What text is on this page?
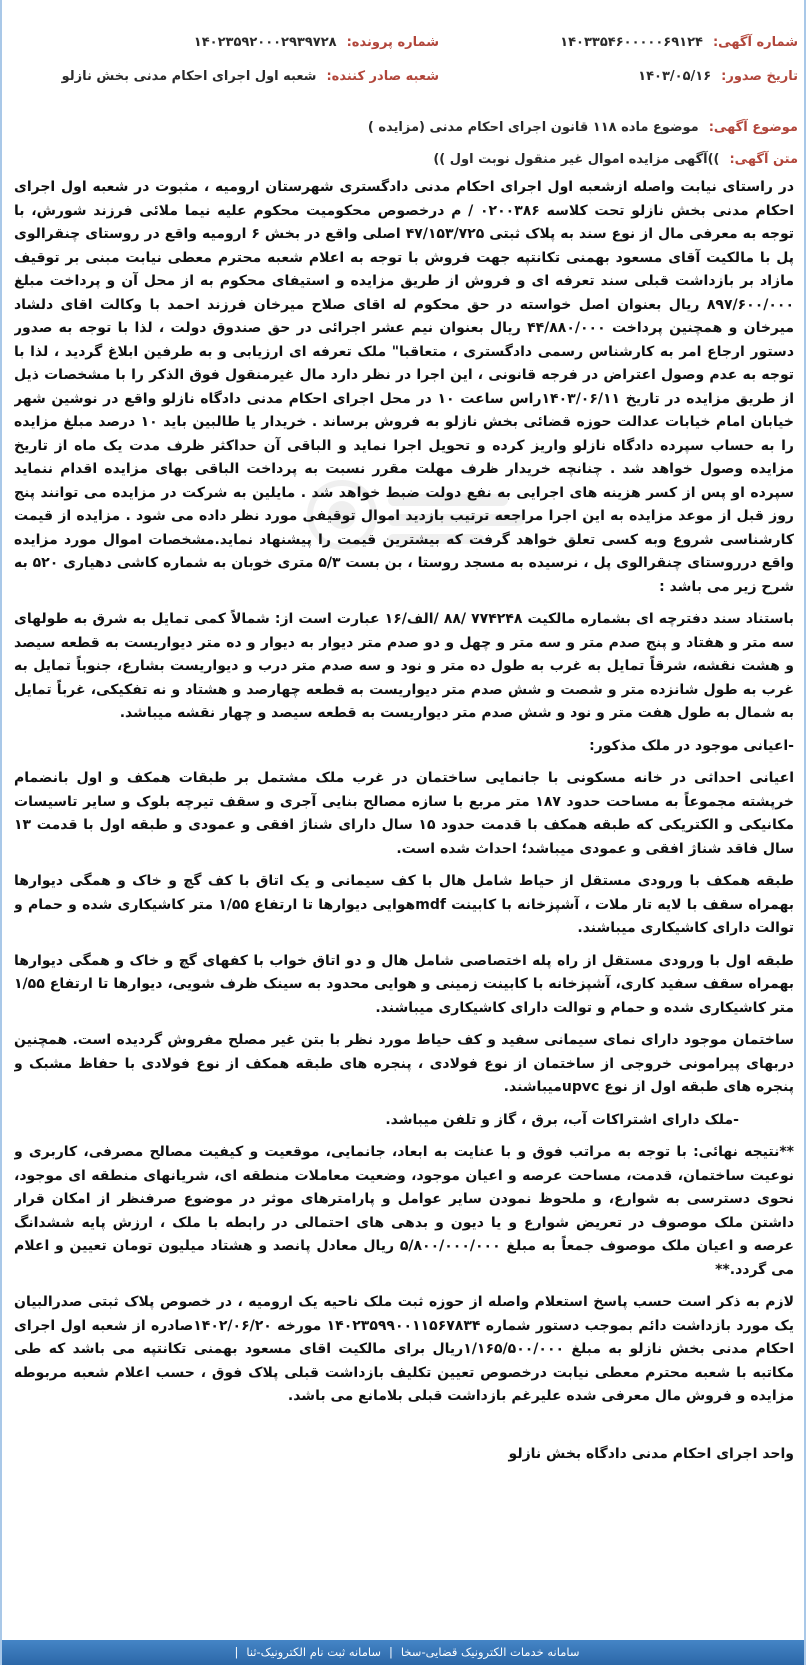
شماره آگهی:۱۴۰۳۳۵۴۶۰۰۰۰۰۶۹۱۲۴
شماره پرونده:۱۴۰۲۳۵۹۲۰۰۰۲۹۳۹۷۲۸
تاریخ صدور:۱۴۰۳/۰۵/۱۶
شعبه صادر کننده:شعبه اول اجرای احکام مدنی بخش نازلو
موضوع آگهی:موضوع ماده ۱۱۸ قانون اجرای احکام مدنی (مزایده )
متن آگهی:))آگهی مزایده اموال غیر منقول نوبت اول ))

در راستای نیابت واصله ازشعبه اول اجرای احکام مدنی دادگستری شهرستان ارومیه ، مثبوت در شعبه اول اجرای احکام مدنی بخش نازلو تحت کلاسه ۰۲۰۰۳۸۶ / م درخصوص محکومیت محکوم علیه نیما ملائی فرزند شورش، با توجه به معرفی مال از نوع سند به پلاک ثبتی ۴۷/۱۵۳/۷۲۵ اصلی واقع در بخش ۶ ارومیه واقع در روستای چنقرالوی پل با مالکیت آقای مسعود بهمنی تکانتپه جهت فروش با توجه به اعلام شعبه محترم معطی نیابت مبنی بر توقیف مازاد بر بازداشت قبلی سند تعرفه ای و فروش از طریق مزایده و استیفای محکوم به از محل آن و پرداخت مبلغ ۸۹۷/۶۰۰/۰۰۰ ریال بعنوان اصل خواسته در حق محکوم له اقای صلاح میرخان فرزند احمد با وکالت اقای دلشاد میرخان و همچنین پرداخت ۴۴/۸۸۰/۰۰۰ ریال بعنوان نیم عشر اجرائی در حق صندوق دولت ، لذا با توجه به صدور دستور ارجاع امر به کارشناس رسمی دادگستری ، متعاقبا" ملک تعرفه ای ارزیابی و به طرفین ابلاغ گردید ، لذا با توجه به عدم وصول اعتراض در فرجه قانونی ، این اجرا در نظر دارد مال غیرمنقول فوق الذکر را با مشخصات ذیل از طریق مزایده در تاریخ ۱۴۰۳/۰۶/۱۱راس ساعت ۱۰ در محل اجرای احکام مدنی دادگاه نازلو واقع در نوشین شهر خیابان امام خیابات عدالت حوزه قضائی بخش نازلو به فروش برساند . خریدار یا طالبین باید ۱۰ درصد مبلغ مزایده را به حساب سپرده دادگاه نازلو واریز کرده و تحویل اجرا نماید و الباقی آن حداکثر ظرف مدت یک ماه از تاریخ مزایده وصول خواهد شد . چنانچه خریدار ظرف مهلت مقرر نسبت به پرداخت الباقی بهای مزایده اقدام ننماید سپرده او پس از کسر هزینه های اجرایی به نفع دولت ضبط خواهد شد . مایلین به شرکت در مزایده می توانند پنج روز قبل از موعد مزایده به این اجرا مراجعه ترتیب بازدید اموال توقیفی مورد نظر داده می شود . مزایده از قیمت کارشناسی شروع وبه کسی تعلق خواهد گرفت که بیشترین قیمت را پیشنهاد نماید.مشخصات اموال مورد مزایده واقع درروستای چنقرالوی پل ، نرسیده به مسجد روستا ، بن بست ۵/۳ متری خوبان به شماره کاشی دهیاری ۵۲۰ به شرح زیر می باشد :

باستناد سند دفترچه ای بشماره مالکیت ۷۷۴۲۴۸ /۸۸ /الف/۱۶ عبارت است از: شمالاً کمی تمایل به شرق به طولهای سه متر و هفتاد و پنج صدم متر و سه متر و چهل و دو صدم متر دیوار به دیوار و ده متر دیواریست به قطعه سیصد و هشت نقشه، شرقاً تمایل به غرب به طول ده متر و نود و سه صدم متر درب و دیواریست بشارع، جنوباً تمایل به غرب به طول شانزده متر و شصت و شش صدم متر دیواریست به قطعه چهارصد و هشتاد و نه تفکیکی، غرباً تمایل به شمال به طول هفت متر و نود و شش صدم متر دیواریست به قطعه سیصد و چهار نقشه میباشد.

-اعیانی موجود در ملک مذکور:

اعیانی احداثی در خانه مسکونی با جانمایی ساختمان در غرب ملک مشتمل بر طبقات همکف و اول بانضمام خرپشته مجموعاً به مساحت حدود ۱۸۷ متر مربع با سازه مصالح بنایی آجری و سقف تیرچه بلوک و سایر تاسیسات مکانیکی و الکتریکی که طبقه همکف با قدمت حدود ۱۵ سال دارای شناژ افقی و عمودی و طبقه اول با قدمت ۱۳ سال فاقد شناژ افقی و عمودی میباشد؛ احداث شده است.

طبقه همکف با ورودی مستقل از حیاط شامل هال با کف سیمانی و یک اتاق با کف گچ و خاک و همگی دیوارها بهمراه سقف با لایه تار ملات ، آشپزخانه با کابینت mdfهوایی دیوارها تا ارتفاع ۱/۵۵ متر کاشیکاری شده و حمام و توالت دارای کاشیکاری میباشند.

طبقه اول با ورودی مستقل از راه پله اختصاصی شامل هال و دو اتاق خواب با کفهای گچ و خاک و همگی دیوارها بهمراه سقف سفید کاری، آشپزخانه با کابینت زمینی و هوایی محدود به سینک ظرف شویی، دیوارها تا ارتفاع ۱/۵۵ متر کاشیکاری شده و حمام و توالت دارای کاشیکاری میباشند.

ساختمان موجود دارای نمای سیمانی سفید و کف حیاط مورد نظر با بتن غیر مصلح مفروش گردیده است. همچنین دربهای پیرامونی خروجی از ساختمان از نوع فولادی ، پنجره های طبقه همکف از نوع فولادی با حفاظ مشبک و پنجره های طبقه اول از نوع upvcمیباشند.

-ملک دارای اشتراکات آب، برق ، گاز و تلفن میباشد.

**نتیجه نهائی: با توجه به مراتب فوق و با عنایت به ابعاد، جانمایی، موقعیت و کیفیت مصالح مصرفی، کاربری و نوعیت ساختمان، قدمت، مساحت عرصه و اعیان موجود، وضعیت معاملات منطقه ای، شریانهای منطقه ای موجود، نحوی دسترسی به شوارع، و ملحوظ نمودن سایر عوامل و پارامترهای موثر در موضوع صرفنظر از امکان قرار داشتن ملک موصوف در تعریض شوارع و یا دیون و بدهی های احتمالی در رابطه با ملک ، ارزش پایه ششدانگ عرصه و اعیان ملک موصوف جمعاً به مبلغ ۵/۸۰۰/۰۰۰/۰۰۰ ریال معادل پانصد و هشتاد میلیون تومان تعیین و اعلام می گردد.**

لازم به ذکر است حسب پاسخ استعلام واصله از حوزه ثبت ملک ناحیه یک ارومیه ، در خصوص پلاک ثبتی صدرالبیان یک مورد بازداشت دائم بموجب دستور شماره ۱۴۰۲۳۵۹۹۰۰۱۱۵۶۷۸۳۴ مورخه ۱۴۰۲/۰۶/۲۰صادره از شعبه اول اجرای احکام مدنی بخش نازلو به مبلغ ۱/۱۶۵/۵۰۰/۰۰۰ریال برای مالکیت اقای مسعود بهمنی تکانتپه می باشد که طی مکاتبه با شعبه محترم معطی نیابت درخصوص تعیین تکلیف بازداشت قبلی پلاک فوق ، حسب اعلام شعبه مربوطه مزایده و فروش مال معرفی شده علیرغم بازداشت قبلی بلامانع می باشد.

واحد اجرای احکام مدنی دادگاه بخش نازلو

سامانه خدمات الکترونیک قضایی-سخا|سامانه ثبت نام الکترونیک-ثنا|
